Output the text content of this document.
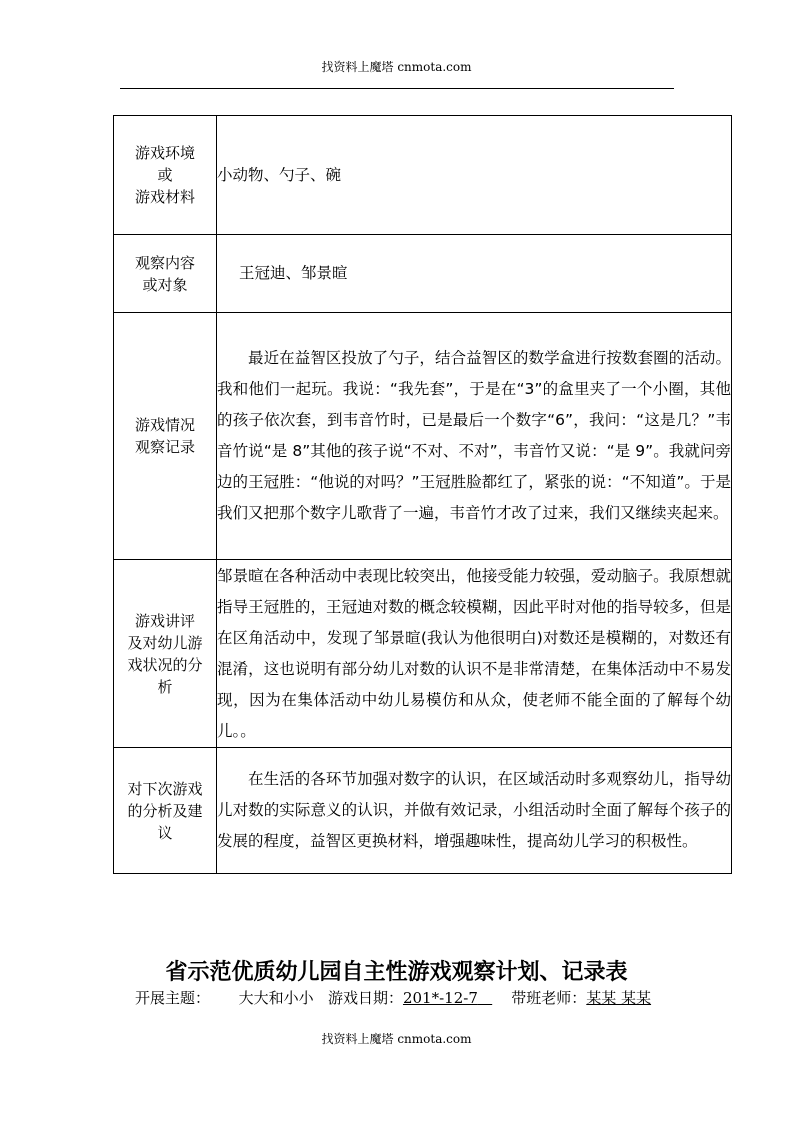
找资料上魔塔 cnmota.com
游戏环境
或
游戏材料	小动物、勺子、碗
观察内容
或对象	王冠迪、邹景暄
游戏情况
观察记录	最近在益智区投放了勺子，结合益智区的数学盒进行按数套圈的活动。我和他们一起玩。我说：“我先套”，于是在“3”的盒里夹了一个小圈，其他的孩子依次套，到韦音竹时，已是最后一个数字“6”，我问：“这是几？”韦音竹说“是 8”其他的孩子说“不对、不对”，韦音竹又说：“是 9”。我就问旁边的王冠胜：“他说的对吗？”王冠胜脸都红了，紧张的说：“不知道”。于是我们又把那个数字儿歌背了一遍，韦音竹才改了过来，我们又继续夹起来。
游戏讲评
及对幼儿游
戏状况的分
析	邹景暄在各种活动中表现比较突出，他接受能力较强，爱动脑子。我原想就指导王冠胜的，王冠迪对数的概念较模糊，因此平时对他的指导较多，但是在区角活动中，发现了邹景暄(我认为他很明白)对数还是模糊的，对数还有混淆，这也说明有部分幼儿对数的认识不是非常清楚，在集体活动中不易发现，因为在集体活动中幼儿易模仿和从众，使老师不能全面的了解每个幼儿。。
对下次游戏
的分析及建
议	在生活的各环节加强对数字的认识，在区域活动时多观察幼儿，指导幼儿对数的实际意义的认识，并做有效记录，小组活动时全面了解每个孩子的发展的程度，益智区更换材料，增强趣味性，提高幼儿学习的积极性。
省示范优质幼儿园自主性游戏观察计划、记录表
开展主题： 大大和小小 游戏日期：201*-12-7 带班老师：某某 某某
找资料上魔塔 cnmota.com
